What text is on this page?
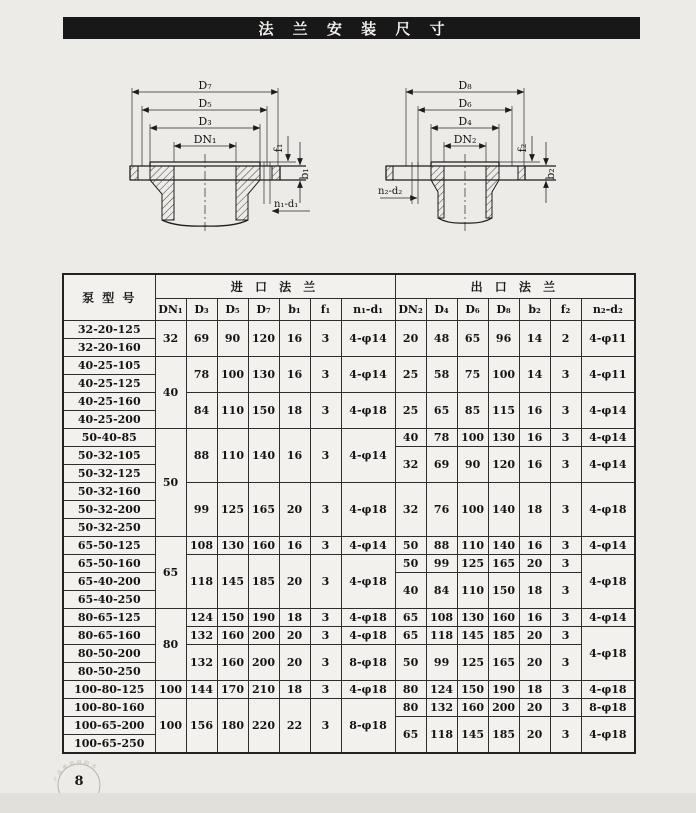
法 兰 安 装 尺 寸
D₇
D₅
D₃
DN₁
f₁
b₁
n₁-d₁
D₈
D₆
D₄
DN₂
f₂
b₂
n₂-d₂
泵 型 号	进 口 法 兰							出 口 法 兰						
	DN₁	D₃	D₅	D₇	b₁	f₁	n₁-d₁	DN₂	D₄	D₆	D₈	b₂	f₂	n₂-d₂
32-20-125	32	69	90	120	16	3	4-φ14	20	48	65	96	14	2	4-φ11
32-20-160														
40-25-105	40	78	100	130	16	3	4-φ14	25	58	75	100	14	3	4-φ11
40-25-125														
40-25-160		84	110	150	18	3	4-φ18	25	65	85	115	16	3	4-φ14
40-25-200														
50-40-85	50	88	110	140	16	3	4-φ14	40	78	100	130	16	3	4-φ14
50-32-105								32	69	90	120	16	3	4-φ14
50-32-125														
50-32-160		99	125	165	20	3	4-φ18	32	76	100	140	18	3	4-φ18
50-32-200														
50-32-250														
65-50-125	65	108	130	160	16	3	4-φ14	50	88	110	140	16	3	4-φ14
65-50-160		118	145	185	20	3	4-φ18	50	99	125	165	20	3	4-φ18
65-40-200								40	84	110	150	18	3	
65-40-250														
80-65-125	80	124	150	190	18	3	4-φ18	65	108	130	160	16	3	4-φ14
80-65-160		132	160	200	20	3	4-φ18	65	118	145	185	20	3	4-φ18
80-50-200		132	160	200	20	3	8-φ18	50	99	125	165	20	3	
80-50-250														
100-80-125	100	144	170	210	18	3	4-φ18	80	124	150	190	18	3	4-φ18
100-80-160	100	156	180	220	22	3	8-φ18	80	132	160	200	20	3	8-φ18
100-65-200								65	118	145	185	20	3	4-φ18
100-65-250														
产品使用说明书
8
